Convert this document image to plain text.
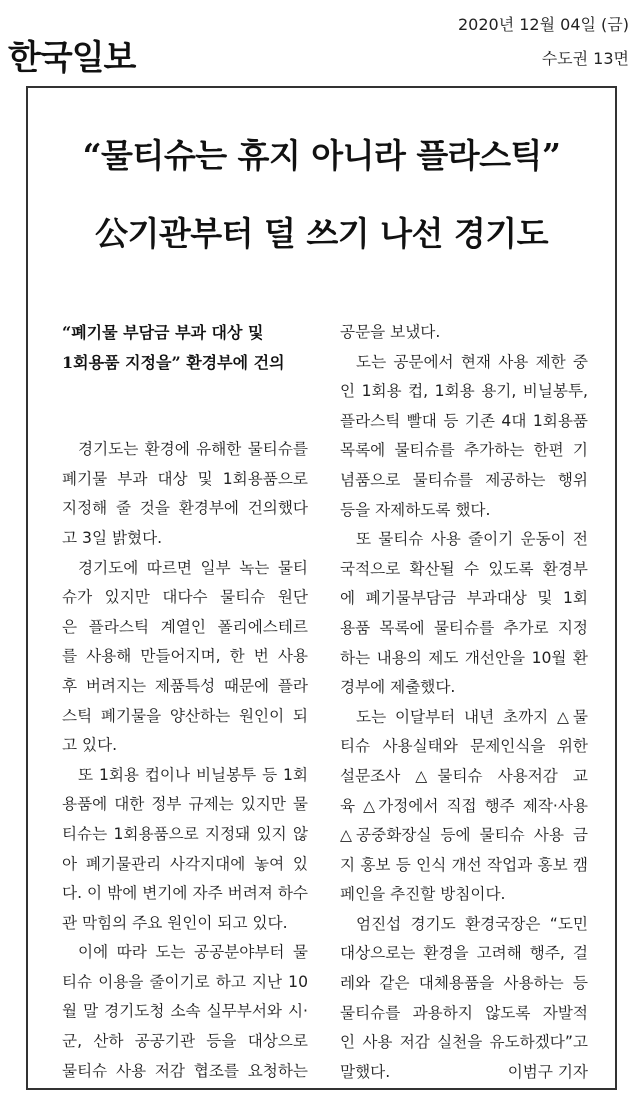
한국일보
2020년 12월 04일 (금)
수도권 13면
“물티슈는 휴지 아니라 플라스틱”
公기관부터 덜 쓰기 나선 경기도
“폐기물 부담금 부과 대상 및
1회용품 지정을” 환경부에 건의
경기도는 환경에 유해한 물티슈를
폐기물 부과 대상 및 1회용품으로
지정해 줄 것을 환경부에 건의했다
고 3일 밝혔다.
경기도에 따르면 일부 녹는 물티
슈가 있지만 대다수 물티슈 원단
은 플라스틱 계열인 폴리에스테르
를 사용해 만들어지며, 한 번 사용
후 버려지는 제품특성 때문에 플라
스틱 폐기물을 양산하는 원인이 되
고 있다.
또 1회용 컵이나 비닐봉투 등 1회
용품에 대한 정부 규제는 있지만 물
티슈는 1회용품으로 지정돼 있지 않
아 폐기물관리 사각지대에 놓여 있
다. 이 밖에 변기에 자주 버려져 하수
관 막힘의 주요 원인이 되고 있다.
이에 따라 도는 공공분야부터 물
티슈 이용을 줄이기로 하고 지난 10
월 말 경기도청 소속 실무부서와 시·
군, 산하 공공기관 등을 대상으로
물티슈 사용 저감 협조를 요청하는
공문을 보냈다.
도는 공문에서 현재 사용 제한 중
인 1회용 컵, 1회용 용기, 비닐봉투,
플라스틱 빨대 등 기존 4대 1회용품
목록에 물티슈를 추가하는 한편 기
념품으로 물티슈를 제공하는 행위
등을 자제하도록 했다.
또 물티슈 사용 줄이기 운동이 전
국적으로 확산될 수 있도록 환경부
에 폐기물부담금 부과대상 및 1회
용품 목록에 물티슈를 추가로 지정
하는 내용의 제도 개선안을 10월 환
경부에 제출했다.
도는 이달부터 내년 초까지 △물
티슈 사용실태와 문제인식을 위한
설문조사 △물티슈 사용저감 교
육 △가정에서 직접 행주 제작·사용
△공중화장실 등에 물티슈 사용 금
지 홍보 등 인식 개선 작업과 홍보 캠
페인을 추진할 방침이다.
엄진섭 경기도 환경국장은 “도민
대상으로는 환경을 고려해 행주, 걸
레와 같은 대체용품을 사용하는 등
물티슈를 과용하지 않도록 자발적
인 사용 저감 실천을 유도하겠다”고
말했다.	이범구 기자
